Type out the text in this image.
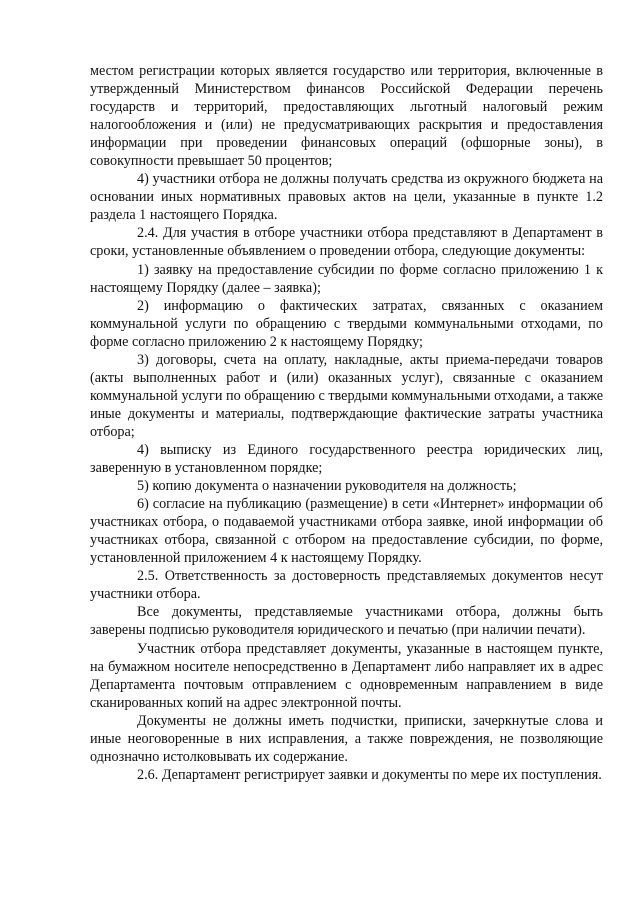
местом регистрации которых является государство или территория, включенные в утвержденный Министерством финансов Российской Федерации перечень государств и территорий, предоставляющих льготный налоговый режим налогообложения и (или) не предусматривающих раскрытия и предоставления информации при проведении финансовых операций (офшорные зоны), в совокупности превышает 50 процентов;

4) участники отбора не должны получать средства из окружного бюджета на основании иных нормативных правовых актов на цели, указанные в пункте 1.2 раздела 1 настоящего Порядка.

2.4. Для участия в отборе участники отбора представляют в Департамент в сроки, установленные объявлением о проведении отбора, следующие документы:

1) заявку на предоставление субсидии по форме согласно приложению 1 к настоящему Порядку (далее – заявка);

2) информацию о фактических затратах, связанных с оказанием коммунальной услуги по обращению с твердыми коммунальными отходами, по форме согласно приложению 2 к настоящему Порядку;

3) договоры, счета на оплату, накладные, акты приема-передачи товаров (акты выполненных работ и (или) оказанных услуг), связанные с оказанием коммунальной услуги по обращению с твердыми коммунальными отходами, а также иные документы и материалы, подтверждающие фактические затраты участника отбора;

4) выписку из Единого государственного реестра юридических лиц, заверенную в установленном порядке;

5) копию документа о назначении руководителя на должность;

6) согласие на публикацию (размещение) в сети «Интернет» информации об участниках отбора, о подаваемой участниками отбора заявке, иной информации об участниках отбора, связанной с отбором на предоставление субсидии, по форме, установленной приложением 4 к настоящему Порядку.

2.5. Ответственность за достоверность представляемых документов несут участники отбора.

Все документы, представляемые участниками отбора, должны быть заверены подписью руководителя юридического и печатью (при наличии печати).

Участник отбора представляет документы, указанные в настоящем пункте, на бумажном носителе непосредственно в Департамент либо направляет их в адрес Департамента почтовым отправлением с одновременным направлением в виде сканированных копий на адрес электронной почты.

Документы не должны иметь подчистки, приписки, зачеркнутые слова и иные неоговоренные в них исправления, а также повреждения, не позволяющие однозначно истолковывать их содержание.

2.6. Департамент регистрирует заявки и документы по мере их поступления.
